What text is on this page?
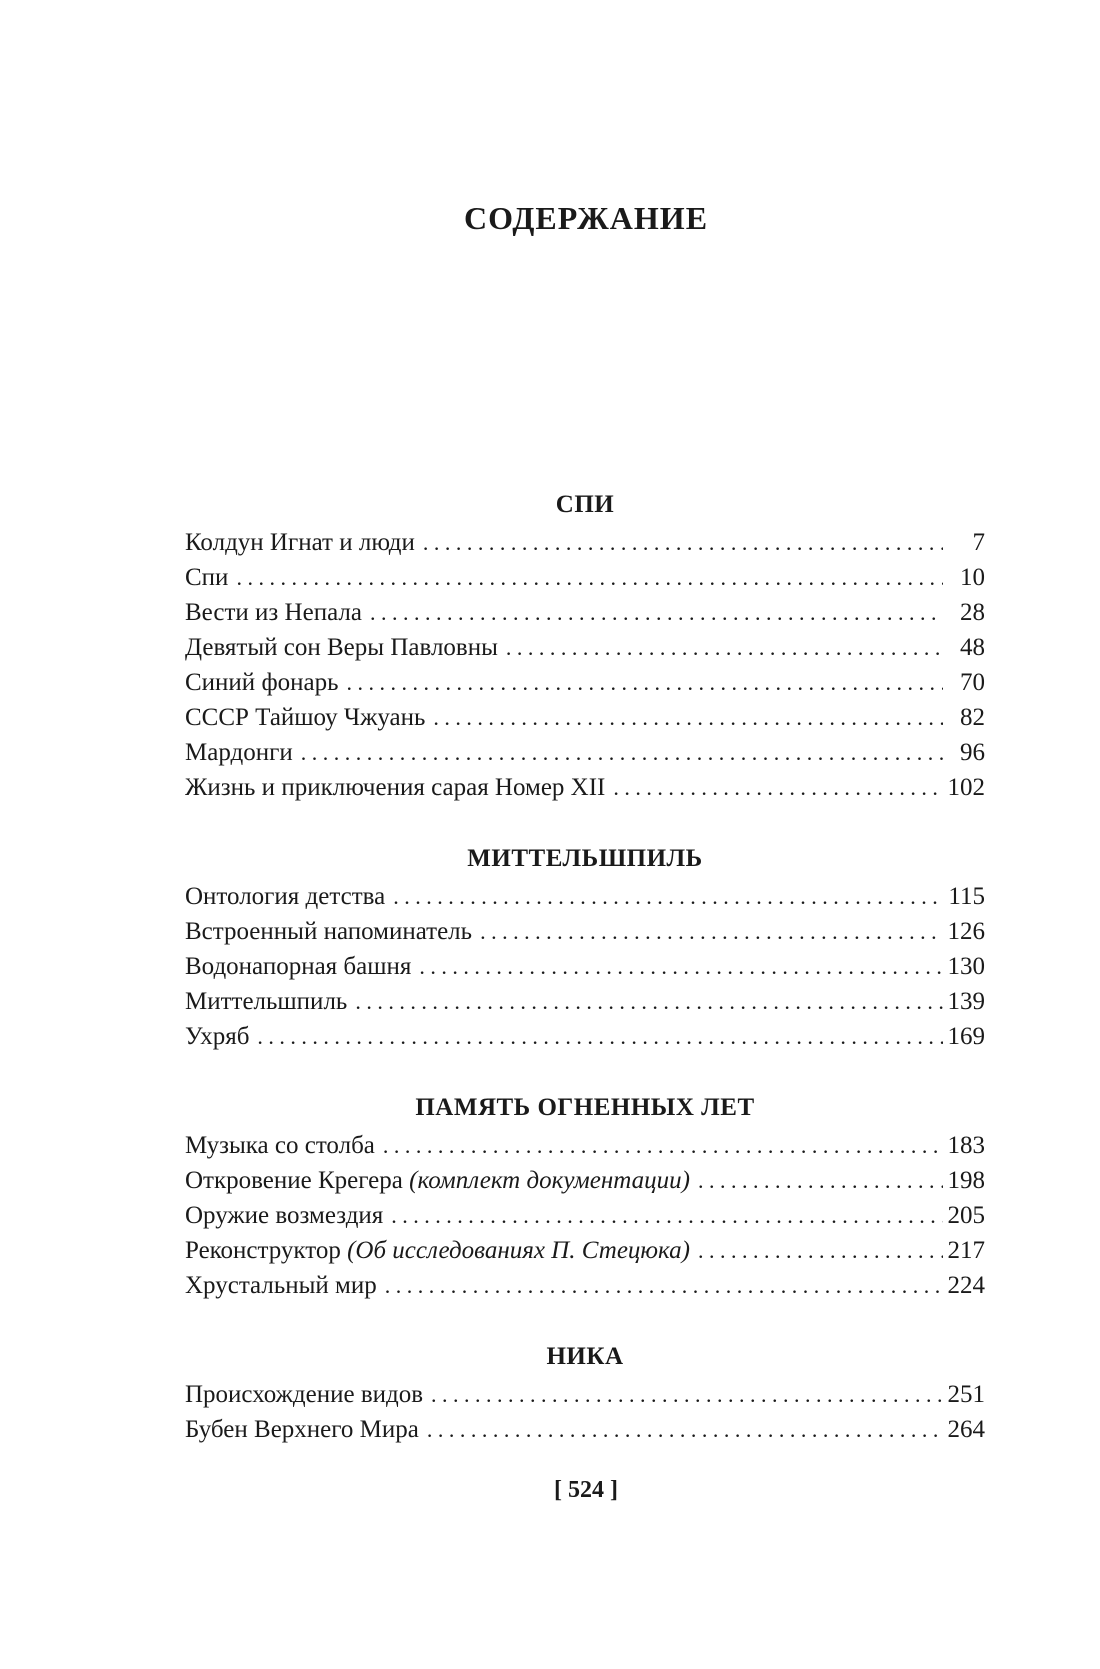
СОДЕРЖАНИЕ
СПИ
Колдун Игнат и люди . . .	7
Спи . . .	10
Вести из Непала . . .	28
Девятый сон Веры Павловны . . .	48
Синий фонарь . . .	70
СССР Тайшоу Чжуань . . .	82
Мардонги . . .	96
Жизнь и приключения сарая Номер XII . . .	102
МИТТЕЛЬШПИЛЬ
Онтология детства . . .	115
Встроенный напоминатель . . .	126
Водонапорная башня . . .	130
Миттельшпиль . . .	139
Ухряб . . .	169
ПАМЯТЬ ОГНЕННЫХ ЛЕТ
Музыка со столба . . .	183
Откровение Крегера (комплект документации) . . .	198
Оружие возмездия . . .	205
Реконструктор (Об исследованиях П. Стецюка) . . .	217
Хрустальный мир . . .	224
НИКА
Происхождение видов . . .	251
Бубен Верхнего Мира . . .	264
[ 524 ]
